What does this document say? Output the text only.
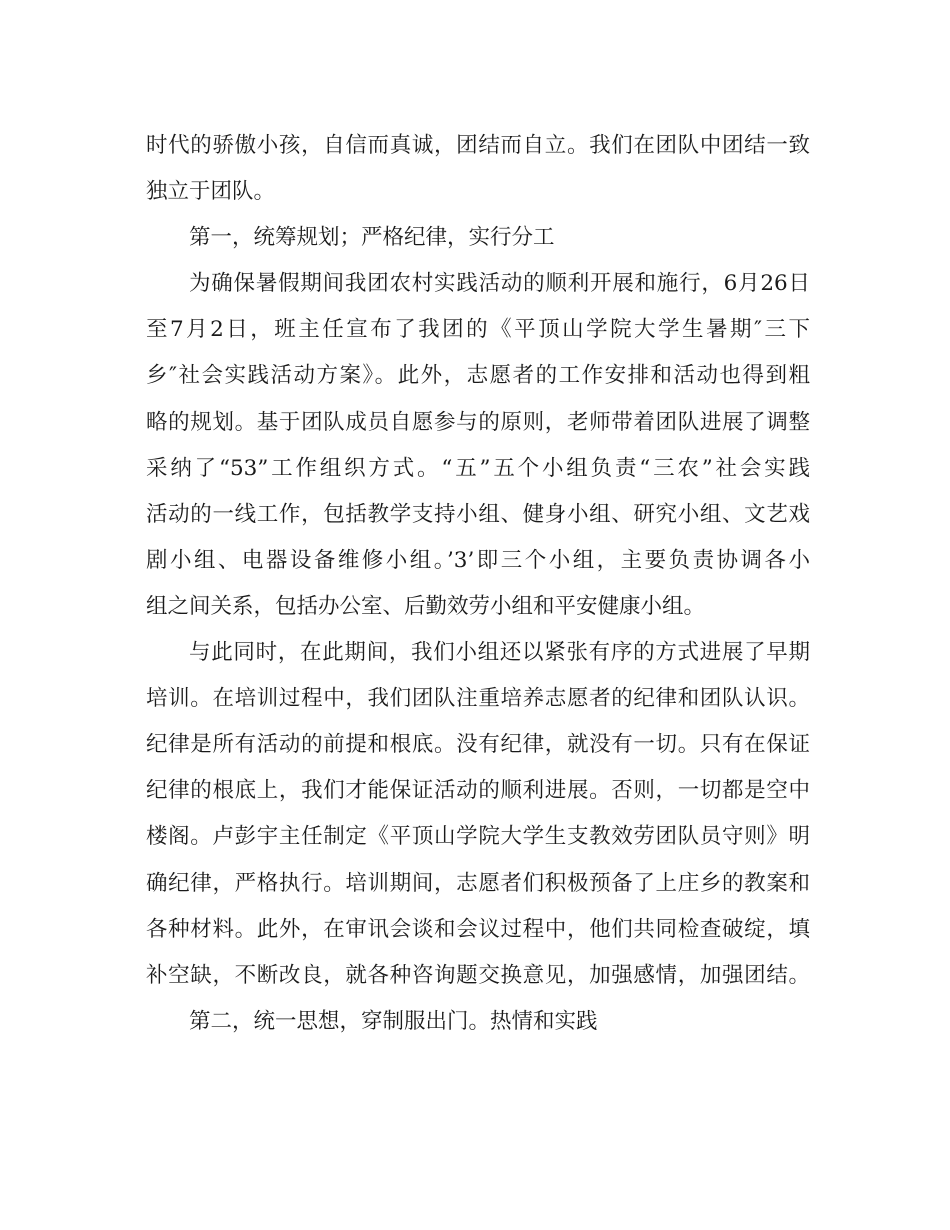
时代的骄傲小孩，自信而真诚，团结而自立。我们在团队中团结一致
独立于团队。
第一，统筹规划；严格纪律，实行分工
为确保暑假期间我团农村实践活动的顺利开展和施行，6月26日
至7月2日，班主任宣布了我团的《平顶山学院大学生暑期″三下
乡″社会实践活动方案》。此外，志愿者的工作安排和活动也得到粗
略的规划。基于团队成员自愿参与的原则，老师带着团队进展了调整
采纳了“53”工作组织方式。“五”五个小组负责“三农”社会实践
活动的一线工作，包括教学支持小组、健身小组、研究小组、文艺戏
剧小组、电器设备维修小组。’3’即三个小组，主要负责协调各小
组之间关系，包括办公室、后勤效劳小组和平安健康小组。
与此同时，在此期间，我们小组还以紧张有序的方式进展了早期
培训。在培训过程中，我们团队注重培养志愿者的纪律和团队认识。
纪律是所有活动的前提和根底。没有纪律，就没有一切。只有在保证
纪律的根底上，我们才能保证活动的顺利进展。否则，一切都是空中
楼阁。卢彭宇主任制定《平顶山学院大学生支教效劳团队员守则》明
确纪律，严格执行。培训期间，志愿者们积极预备了上庄乡的教案和
各种材料。此外，在审讯会谈和会议过程中，他们共同检查破绽，填
补空缺，不断改良，就各种咨询题交换意见，加强感情，加强团结。
第二，统一思想，穿制服出门。热情和实践
